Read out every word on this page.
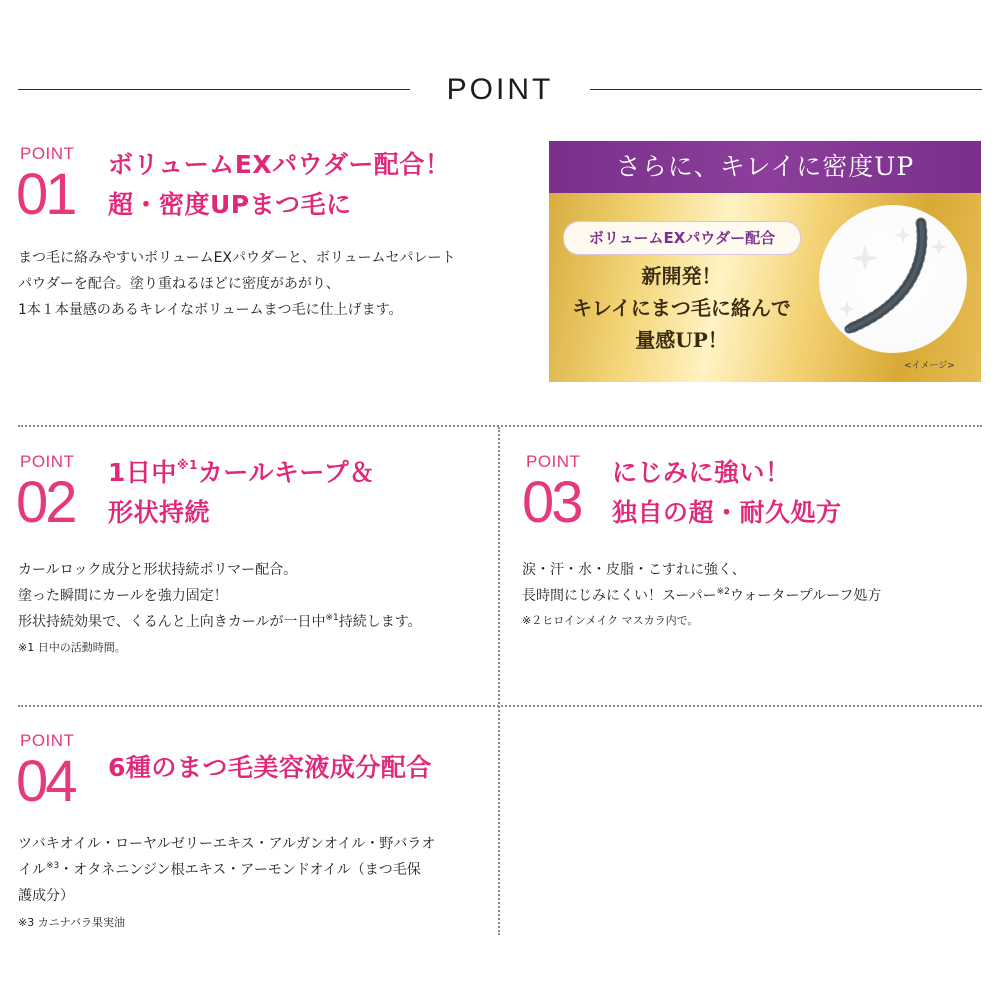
POINT
POINT
01 ボリュームEXパウダー配合！
超・密度UPまつ毛に
まつ毛に絡みやすいボリュームEXパウダーと、ボリュームセパレート
パウダーを配合。塗り重ねるほどに密度があがり、
1本１本量感のあるキレイなボリュームまつ毛に仕上げます。
さらに、キレイに密度UP
ボリュームEXパウダー配合
新開発！
キレイにまつ毛に絡んで
量感UP！
<イメージ>
POINT
02 1日中$^{※1}$カールキープ＆
形状持続
カールロック成分と形状持続ポリマー配合。
塗った瞬間にカールを強力固定！
形状持続効果で、くるんと上向きカールが一日中$^{※1}$持続します。
※1 日中の活動時間。
POINT
03 にじみに強い！
独自の超・耐久処方
涙・汗・水・皮脂・こすれに強く、
長時間にじみにくい！スーパー$^{※2}$ウォータープルーフ処方
※２ヒロインメイク マスカラ内で。
POINT
04 6種のまつ毛美容液成分配合
ツバキオイル・ローヤルゼリーエキス・アルガンオイル・野バラオ
イル$^{※3}$・オタネニンジン根エキス・アーモンドオイル（まつ毛保
護成分）
※3 カニナバラ果実油
